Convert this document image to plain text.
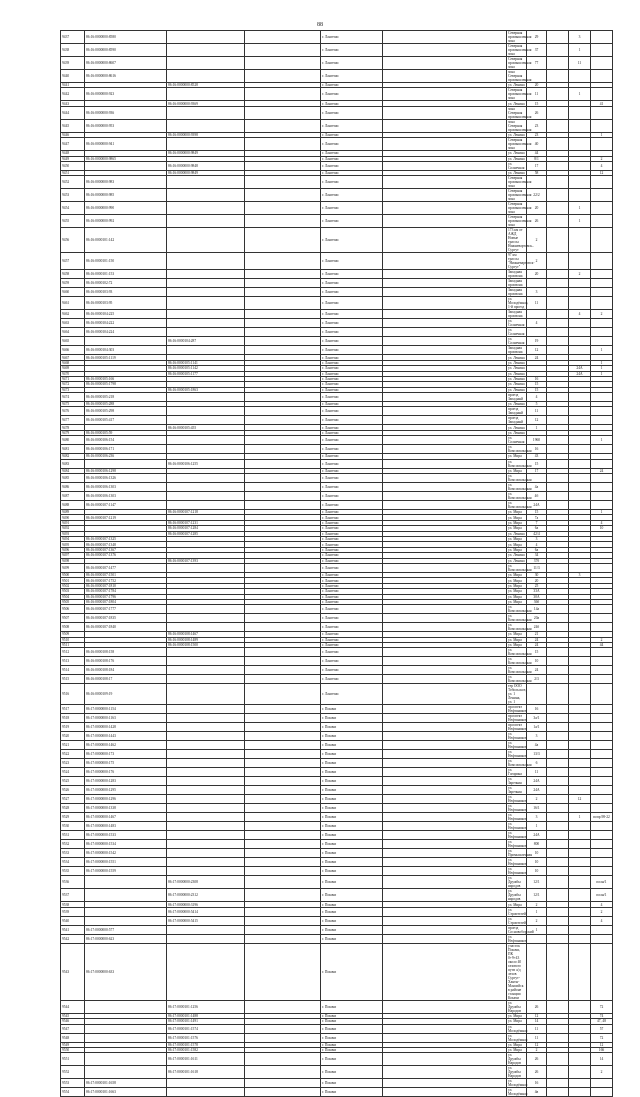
88
9437	86:16:0000000:8580			г. Лангепас		Северная промышленная зона	29		3	
9438	86:16:0000000:8590			г. Лангепас		Северная промышленная зона	37		1	
9439	86:16:0000000:8607			г. Лангепас		Северная промышленная зона	77		11	
9440	86:16:0000000:8616			г. Лангепас		зона Северная промышленная				
9441		86:16:0000000:8528		г. Лангепас		ул. Ленина	20			
9442	86:16:0000000:923			г. Лангепас		Северная промышленная зона	11		1	
9443		86:16:0000000:9369		г. Лангепас		ул. Ленина	15			41
9444	86:16:0000000:936			г. Лангепас		зона Северная промышленная	26			
9445	86:16:0000000:953			г. Лангепас		зона Северная промышленная	23			
9446		86:16:0000000:9398		г. Лангепас		ул. Ленина	23			1
9447	86:16:0000000:941			г. Лангепас		Северная промышленная зона	40			
9448		86:16:0000000:9849		г. Лангепас		ул. Ленина	44			
9449	86:16:0000000:9865			г. Лангепас		ул. Ленина	8/1			2
9450		86:16:0000000:9848		г. Лангепас		ул. Солнечная	17			4
9451		86:16:0000000:9849		г. Лангепас		ул. Ленина	58			12
9452	86:16:0000000:983			г. Лангепас		Северная промышленная зона				
9453	86:16:0000000:985			г. Лангепас		Северная промышленная зона	22/2			
9454	86:16:0000000:990			г. Лангепас		Северная промышленная зона	20		1	
9455	86:16:0000000:992			г. Лангепас		Северная промышленная зона	26		1	
9456	86:16:0000101:142			г. Лангепас		173 км от АЖД Новые трассы Нижневартовск–Сургут	2			
9457	86:16:0000101:150			г. Лангепас		97 км трассы "Нижневартовск-Сургут"	2			
9458	86:16:0000101:153			г. Лангепас		Западная промзона	20		2	
9459	86:16:0000102:72			г. Лангепас		Западная промзона				
9460	86:16:0000103:93			г. Лангепас		Западная промзона	3			
9461	86:16:0000103:95			г. Лангепас		ул. Молодёжная, 1-й проезд	11			
9462	86:16:0000104:225			г. Лангепас		Западная промзона			4	2
9463	86:16:0000104:222			г. Лангепас		ул. Солнечная	4			
9464	86:16:0000104:224			г. Лангепас		ул. Солнечная				
9465		86:16:0000104:287		г. Лангепас		ул. Солнечная	19			
9466	86:16:0000104:303			г. Лангепас		Западная промзона	12			1
9467	86:16:0000105:1119			г. Лангепас		ул. Ленина	24			
9468		86:16:0000105:1141		г. Лангепас		ул. Ленина				1
9469		86:16:0000105:1142		г. Лангепас		ул. Ленина			24А	1
9470		86:16:0000105:1177		г. Лангепас		ул. Ленина			24А	1
9471	86:16:0000105:166			г. Лангепас		ул. Ленина	16			
9472	86:16:0000105:1798			г. Лангепас		ул. Ленина	15			
9473		86:16:0000105:1863		г. Лангепас		ул. Ленина	15			
9474	86:16:0000105:218			г. Лангепас		проезд Западный	4			
9475	86:16:0000105:288			г. Лангепас		ул. Ленина	5			
9476	86:16:0000105:298			г. Лангепас		проезд Западный	11			
9477	86:16:0000105:417			г. Лангепас		проезд Западный	12			
9478		86:16:0000105:455		г. Лангепас		ул. Ленина	1			
9479	86:16:0000105:59			г. Лангепас		ул. Ленина				
9480	86:16:0000106:154			г. Лангепас		ул. Солнечная	1960			1
9481	86:16:0000106:171			г. Лангепас		ул. Комсомольская	16			
9482	86:16:0000106:236			г. Лангепас		ул. Мира	43			
9483		86:16:0000106:1255		г. Лангепас		ул. Комсомольская	15			
9484	86:16:0000106:1298			г. Лангепас		ул. Мира	17			24
9485	86:16:0000106:1326			г. Лангепас		ул. Комсомольская				
9486	86:16:0000106:1303			г. Лангепас		ул. Комсомольская	4а			
9487	86:16:0000106:1303			г. Лангепас		ул. Комсомольская	4б			
9488	86:16:0000107:1147			г. Лангепас		ул. Комсомольская	24А			
9489		86:16:0000107:1218		г. Лангепас		ул. Мира	15			1
9490	86:16:0000107:1219			г. Лангепас		ул. Мира	7а			
9491		86:16:0000107:1231		г. Лангепас		ул. Мира	7			4
9492		86:16:0000107:1284		г. Лангепас		ул. Мира	6а			10
9493		86:16:0000107:1285		г. Лангепас		ул. Ленина	42/4			
9494	86:16:0000107:1325			г. Лангепас		ул. Мира	3			
9495	86:16:0000107:1348			г. Лангепас		ул. Мира	4			
9496	86:16:0000107:1367			г. Лангепас		ул. Мира	6а			
9497	86:16:0000107:1376			г. Лангепас		ул. Ленина	34			
9498		86:16:0000107:1393		г. Лангепас		ул. Ленина	37б			
9499	86:16:0000107:1477			г. Лангепас		ул. Комсомольская	11/3			
9500	86:16:0000107:1501			г. Лангепас		ул. Мира	30		3	
9501	86:16:0000107:1752			г. Лангепас		ул. Мира	20			
9502	86:16:0000107:1810			г. Лангепас		ул. Мира	25			
9503	86:16:0000107:1784			г. Лангепас		ул. Мира	33А			
9504	86:16:0000107:1796			г. Лангепас		ул. Мира	30А			
9505	86:16:0000107:1804			г. Лангепас		ул. Мира	36б			
9506	86:16:0000107:1777			г. Лангепас		ул. Комсомольская	14а			
9507	86:16:0000107:1835			г. Лангепас		ул. Комсомольская	20а			
9508	86:16:0000107:1840			г. Лангепас		ул. Комсомольская	24б			
9509		86:16:0000108:1467		г. Лангепас		ул. Мира	21			
9510		86:16:0000108:1489		г. Лангепас		ул. Мира	24			2
9511		86:16:0000108:1500		г. Лангепас		ул. Мира	24			44
9512	86:16:0000108:158			г. Лангепас		ул. Комсомольская	15			
9513	86:16:0000108:176			г. Лангепас		ул. Комсомольская	10			
9514	86:16:0000108:184			г. Лангепас		ул. Комсомольская	24			
9515	86:16:0000108:17			г. Лангепас		ул. Комсомольская	2/3			
9516	86:16:0000109:19			г. Лангепас		тер ООО Тобольское, ул. 1 Ленина, ул. 1				
9517	86:17:0000000:1154			г. Покачи		проспект Нефтяников	16			
9518	86:17:0000000:1163			г. Покачи		проспект Нефтяников	3а/1			
9519	86:17:0000000:1428			г. Покачи		проспект Нефтяников	1а/1			
9520	86:17:0000000:1443			г. Покачи		ул. Нефтяников	3			
9521	86:17:0000000:1462			г. Покачи		ул. Нефтяников	4а			
9522	86:17:0000000:173			г. Покачи		ул. Нефтяников	13/3			
9523	86:17:0000000:175			г. Покачи		ул. Комсомольская	6			
9524	86:17:0000000:176			г. Покачи		ул. Гагарина	11			
9525	86:17:0000000:1283			г. Покачи		ул. Заречная	24А			
9526	86:17:0000000:1295			г. Покачи		ул. Заречная	24А			
9527	86:17:0000000:1296			г. Покачи		ул. Нефтяников	2		12	
9528	86:17:0000000:1338			г. Покачи		ул. Нефтяников	16/1			
9529	86:17:0000000:1467			г. Покачи		ул. Нефтяников	3		1	попр.98-22
9530	86:17:0000000:1483			г. Покачи		ул. Нефтяников	1			
9531	86:17:0000000:1533			г. Покачи		ул. Нефтяников	24А			
9532	86:17:0000000:1534			г. Покачи		ул. Нефтяников	800			
9533	86:17:0000000:1542			г. Покачи		ул. Промышленная	10			
9534	86:17:0000000:1551			г. Покачи		ул. Нефтяников	10			
9535	86:17:0000000:1559			г. Покачи		ул. Нефтяников	10			
9536		86:17:0000000:2308		г. Покачи		ул. Дружбы народов	12/1			полн/1
9537		86:17:0000000:2312		г. Покачи		ул. Дружбы народов	12/1			полн/1
9538		86:17:0000000:3196		г. Покачи		ул. Мира	2			4
9539		86:17:0000000:5414		г. Покачи		ул. Строителей	1			2
9540		86:17:0000000:5415		г. Покачи		ул. Строителей	2			4
9541	86:17:0000000:577			г. Покачи		проезд Сосновоборский	1			
9542	86:17:0000000:623			г. Покачи		ул. Нефтяников				
9543	86:17:0000000:633			г. Покачи		участок Покачи, ПК 0+9+43 около 40 газового пути а/д лехов Сургут-Ханты-Мансийск в районе станции Кокачи				
9544		86:17:0000101:1256		г. Покачи		ул. Дружбы Народов	26			72
9545		86:17:0000101:1488		г. Покачи		ул. Мира	12			74
9546		86:17:0000101:1491		г. Покачи		ул. Мира	14			47, 48
9547		86:17:0000101:1574		г. Покачи		ул. Молодёжная	11			57
9548		86:17:0000101:1576		г. Покачи		ул. Молодёжная	11			72
9549		86:17:0000101:1578		г. Покачи		ул. Мира	12			12
9550		86:17:0000101:1582		г. Покачи		ул. Мира	2			166
9551		86:17:0000101:1611		г. Покачи		ул. Дружбы Народов	26			14
9552		86:17:0000101:1618		г. Покачи		ул. Дружбы Народов	26			2
9553	86:17:0000101:1658			г. Покачи		ул. Молодёжная	16			
9554	86:17:0000101:1663			г. Покачи		ул. Молодёжная	4в			
